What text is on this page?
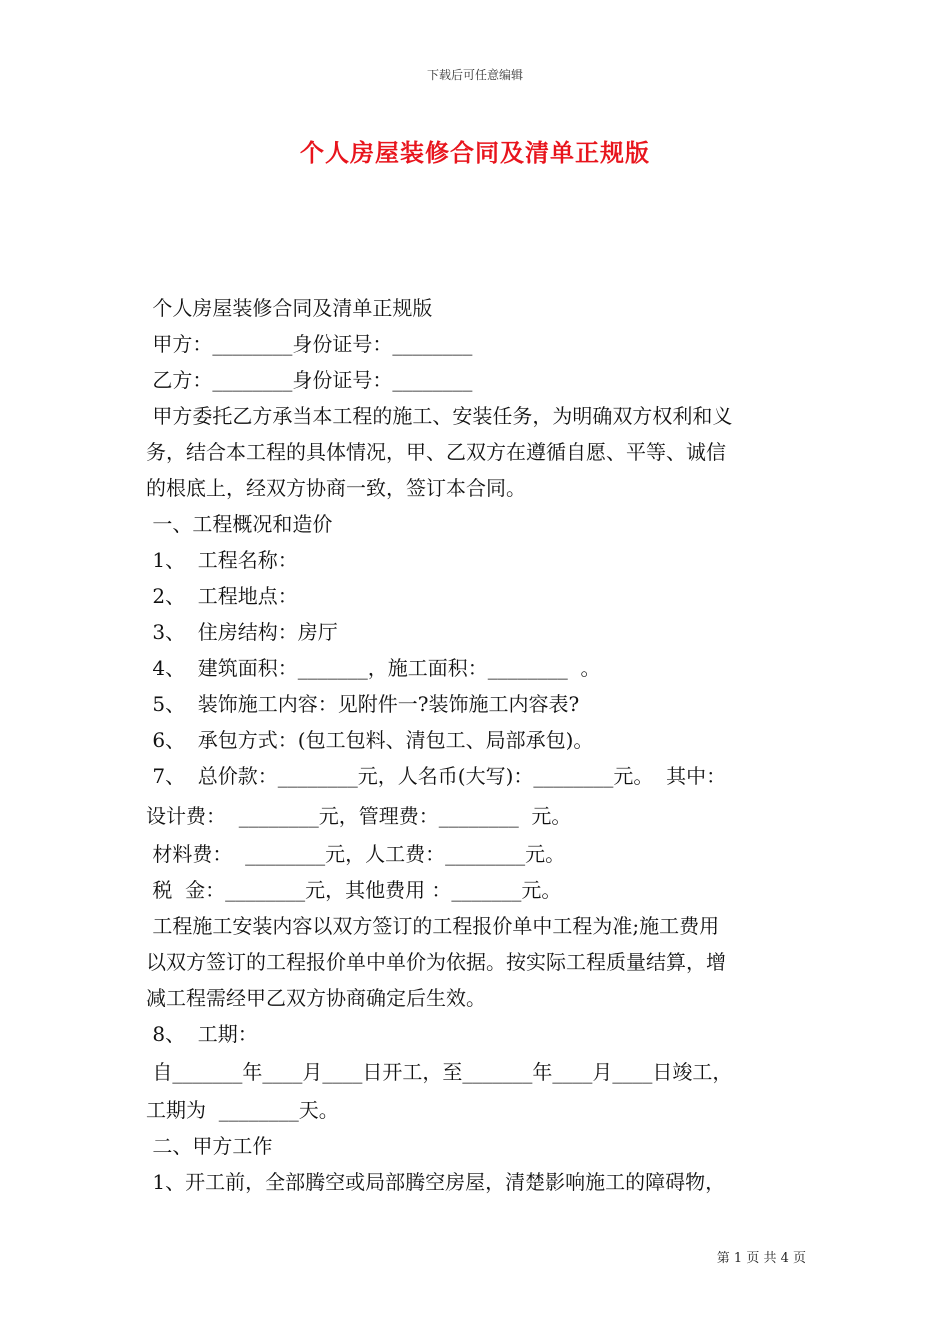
下载后可任意编辑
个人房屋装修合同及清单正规版
个人房屋装修合同及清单正规版
甲方：________身份证号：________
乙方：________身份证号：________
甲方委托乙方承当本工程的施工、安装任务，为明确双方权利和义
务，结合本工程的具体情况，甲、乙双方在遵循自愿、平等、诚信
的根底上，经双方协商一致，签订本合同。
一、工程概况和造价
1、  工程名称：
2、  工程地点：
3、  住房结构：房厅
4、  建筑面积：_______，施工面积：________  。
5、  装饰施工内容：见附件一?装饰施工内容表?
6、  承包方式：(包工包料、清包工、局部承包)。
7、  总价款：________元，人名币(大写)：________元。  其中：
设计费：  ________元，管理费：________  元。
材料费：  ________元，人工费：________元。
税  金：________元，其他费用 ：_______元。
工程施工安装内容以双方签订的工程报价单中工程为准;施工费用
以双方签订的工程报价单中单价为依据。按实际工程质量结算，增
减工程需经甲乙双方协商确定后生效。
8、  工期：
自_______年____月____日开工，至_______年____月____日竣工，
工期为  ________天。
二、甲方工作
1、开工前，全部腾空或局部腾空房屋，清楚影响施工的障碍物，
第 1 页 共 4 页
